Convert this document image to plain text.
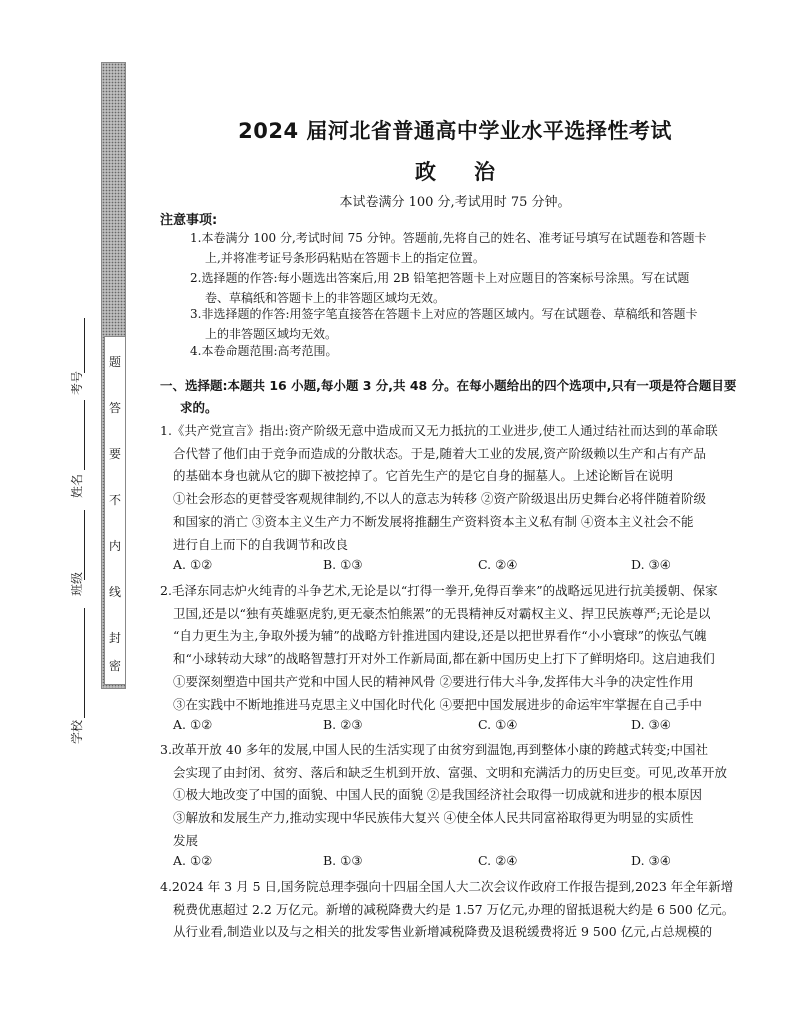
题
答
要
不
内
线
封
密
学校
班级
姓名
考号
2024 届河北省普通高中学业水平选择性考试
政治
本试卷满分 100 分,考试用时 75 分钟。
注意事项:
1.本卷满分 100 分,考试时间 75 分钟。答题前,先将自己的姓名、准考证号填写在试题卷和答题卡
上,并将准考证号条形码粘贴在答题卡上的指定位置。
2.选择题的作答:每小题选出答案后,用 2B 铅笔把答题卡上对应题目的答案标号涂黑。写在试题
卷、草稿纸和答题卡上的非答题区域均无效。
3.非选择题的作答:用签字笔直接答在答题卡上对应的答题区域内。写在试题卷、草稿纸和答题卡
上的非答题区域均无效。
4.本卷命题范围:高考范围。
一、选择题:本题共 16 小题,每小题 3 分,共 48 分。在每小题给出的四个选项中,只有一项是符合题目要
求的。

1.《共产党宣言》指出:资产阶级无意中造成而又无力抵抗的工业进步,使工人通过结社而达到的革命联

合代替了他们由于竞争而造成的分散状态。于是,随着大工业的发展,资产阶级赖以生产和占有产品

的基础本身也就从它的脚下被挖掉了。它首先生产的是它自身的掘墓人。上述论断旨在说明

①社会形态的更替受客观规律制约,不以人的意志为转移 ②资产阶级退出历史舞台必将伴随着阶级

和国家的消亡 ③资本主义生产力不断发展将推翻生产资料资本主义私有制 ④资本主义社会不能

进行自上而下的自我调节和改良

A. ①②	B. ①③	C. ②④	D. ③④

2.毛泽东同志炉火纯青的斗争艺术,无论是以“打得一拳开,免得百拳来”的战略远见进行抗美援朝、保家

卫国,还是以“独有英雄驱虎豹,更无豪杰怕熊罴”的无畏精神反对霸权主义、捍卫民族尊严;无论是以

“自力更生为主,争取外援为辅”的战略方针推进国内建设,还是以把世界看作“小小寰球”的恢弘气魄

和“小球转动大球”的战略智慧打开对外工作新局面,都在新中国历史上打下了鲜明烙印。这启迪我们

①要深刻塑造中国共产党和中国人民的精神风骨 ②要进行伟大斗争,发挥伟大斗争的决定性作用

③在实践中不断地推进马克思主义中国化时代化 ④要把中国发展进步的命运牢牢掌握在自己手中

A. ①②	B. ②③	C. ①④	D. ③④

3.改革开放 40 多年的发展,中国人民的生活实现了由贫穷到温饱,再到整体小康的跨越式转变;中国社

会实现了由封闭、贫穷、落后和缺乏生机到开放、富强、文明和充满活力的历史巨变。可见,改革开放

①极大地改变了中国的面貌、中国人民的面貌 ②是我国经济社会取得一切成就和进步的根本原因

③解放和发展生产力,推动实现中华民族伟大复兴 ④使全体人民共同富裕取得更为明显的实质性

发展

A. ①②	B. ①③	C. ②④	D. ③④

4.2024 年 3 月 5 日,国务院总理李强向十四届全国人大二次会议作政府工作报告提到,2023 年全年新增

税费优惠超过 2.2 万亿元。新增的减税降费大约是 1.57 万亿元,办理的留抵退税大约是 6 500 亿元。

从行业看,制造业以及与之相关的批发零售业新增减税降费及退税缓费将近 9 500 亿元,占总规模的
